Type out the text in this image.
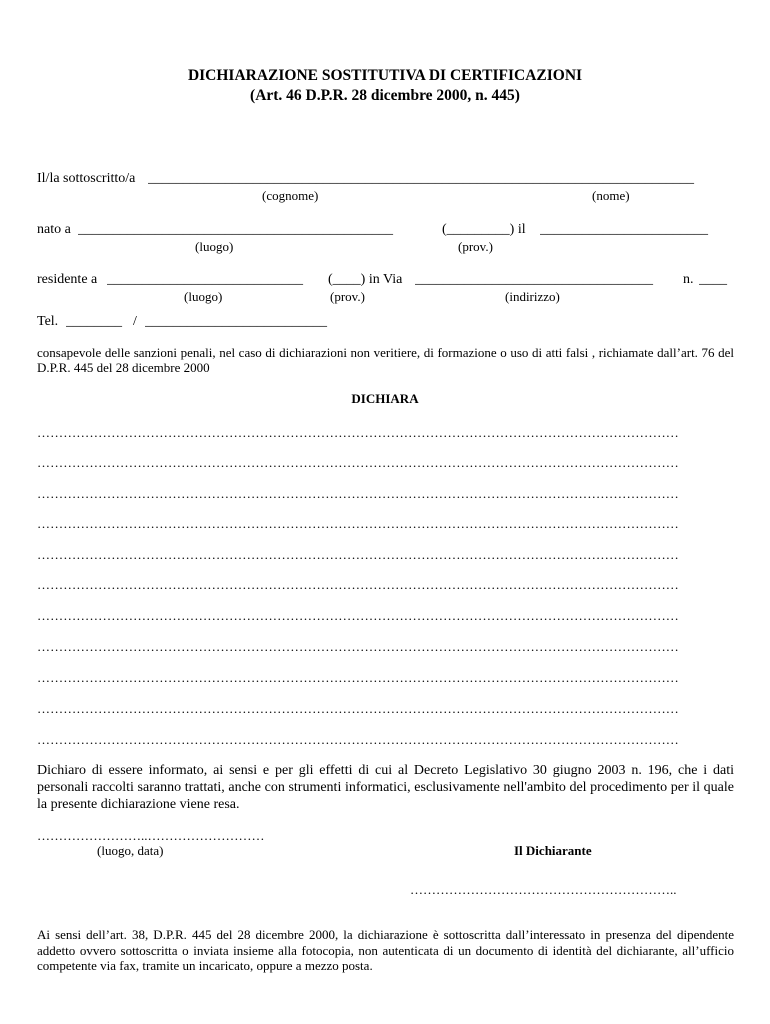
DICHIARAZIONE SOSTITUTIVA DI CERTIFICAZIONI
(Art. 46 D.P.R. 28 dicembre 2000, n. 445)
Il/la sottoscritto/a ______________________________________________________________________________
(cognome)	(nome)
nato a _____________________________________________	(_________) il ________________________
(luogo)	(prov.)
residente a ____________________________	(____) in Via __________________________________	n. ____
(luogo)	(prov.)	(indirizzo)
Tel. ________ / __________________________
consapevole delle sanzioni penali, nel caso di dichiarazioni non veritiere, di formazione o uso di atti falsi , richiamate dall’art. 76 del D.P.R. 445 del 28 dicembre 2000
DICHIARA
…………………………………………………………………………………………………………………………………
…………………………………………………………………………………………………………………………………
…………………………………………………………………………………………………………………………………
…………………………………………………………………………………………………………………………………
…………………………………………………………………………………………………………………………………
…………………………………………………………………………………………………………………………………
…………………………………………………………………………………………………………………………………
…………………………………………………………………………………………………………………………………
…………………………………………………………………………………………………………………………………
…………………………………………………………………………………………………………………………………
…………………………………………………………………………………………………………………………………
Dichiaro di essere informato, ai sensi e per gli effetti di cui al Decreto Legislativo 30 giugno 2003 n. 196, che i dati personali raccolti saranno trattati, anche con strumenti informatici, esclusivamente nell'ambito del procedimento per il quale la presente dichiarazione viene resa.
……………………..………………………
(luogo, data)	Il Dichiarante
……………………………………………………..
Ai sensi dell’art. 38, D.P.R. 445 del 28 dicembre 2000, la dichiarazione è sottoscritta dall’interessato in presenza del dipendente addetto ovvero sottoscritta o inviata insieme alla fotocopia, non autenticata di un documento di identità del dichiarante, all’ufficio competente via fax, tramite un incaricato, oppure a mezzo posta.
